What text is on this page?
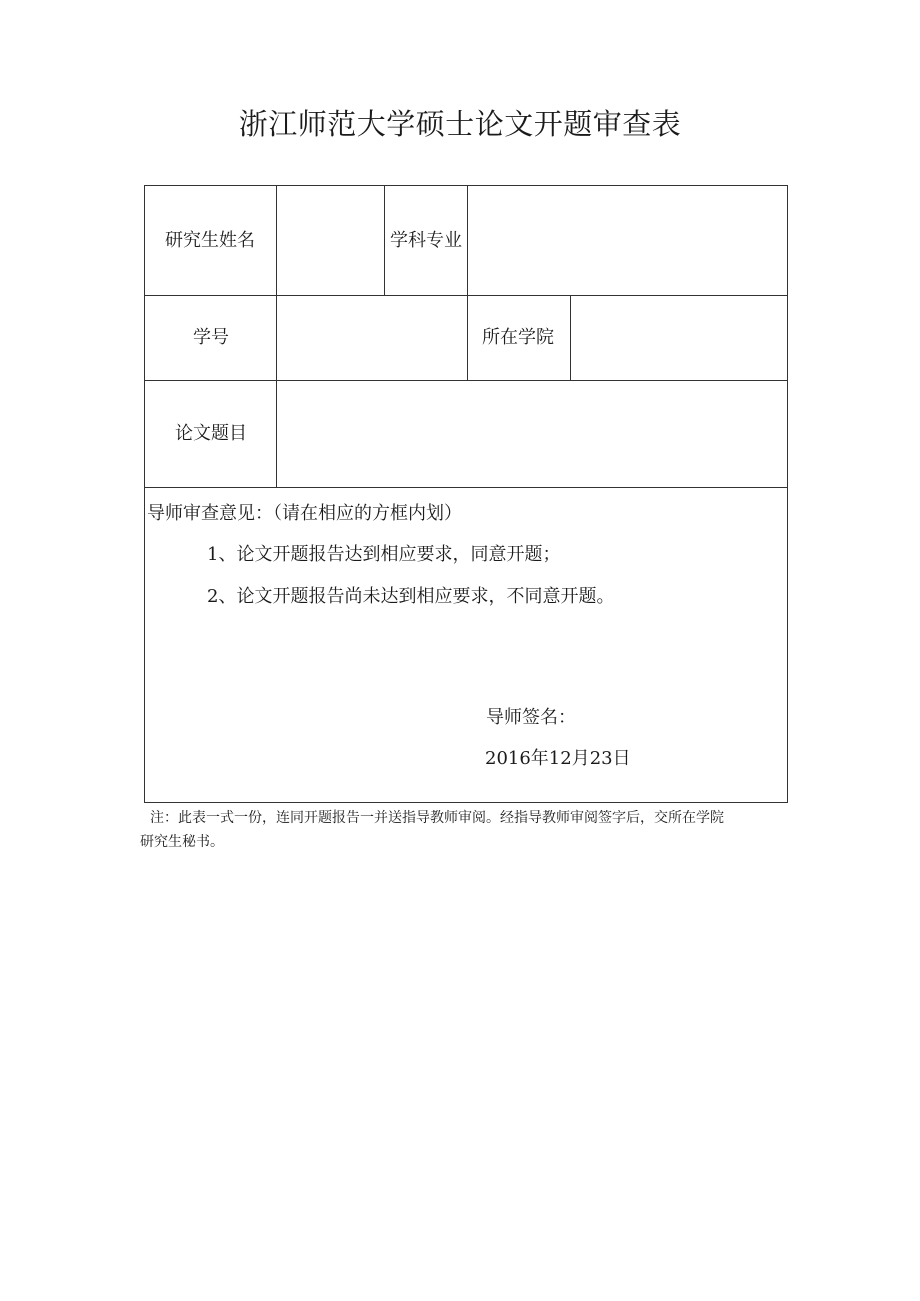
浙江师范大学硕士论文开题审查表
研究生姓名	学科专业
学号	所在学院
论文题目
导师审查意见：（请在相应的方框内划）
1、论文开题报告达到相应要求，同意开题；
2、论文开题报告尚未达到相应要求，不同意开题。
导师签名：
2016年12月23日
注：此表一式一份，连同开题报告一并送指导教师审阅。经指导教师审阅签字后，交所在学院
研究生秘书。
